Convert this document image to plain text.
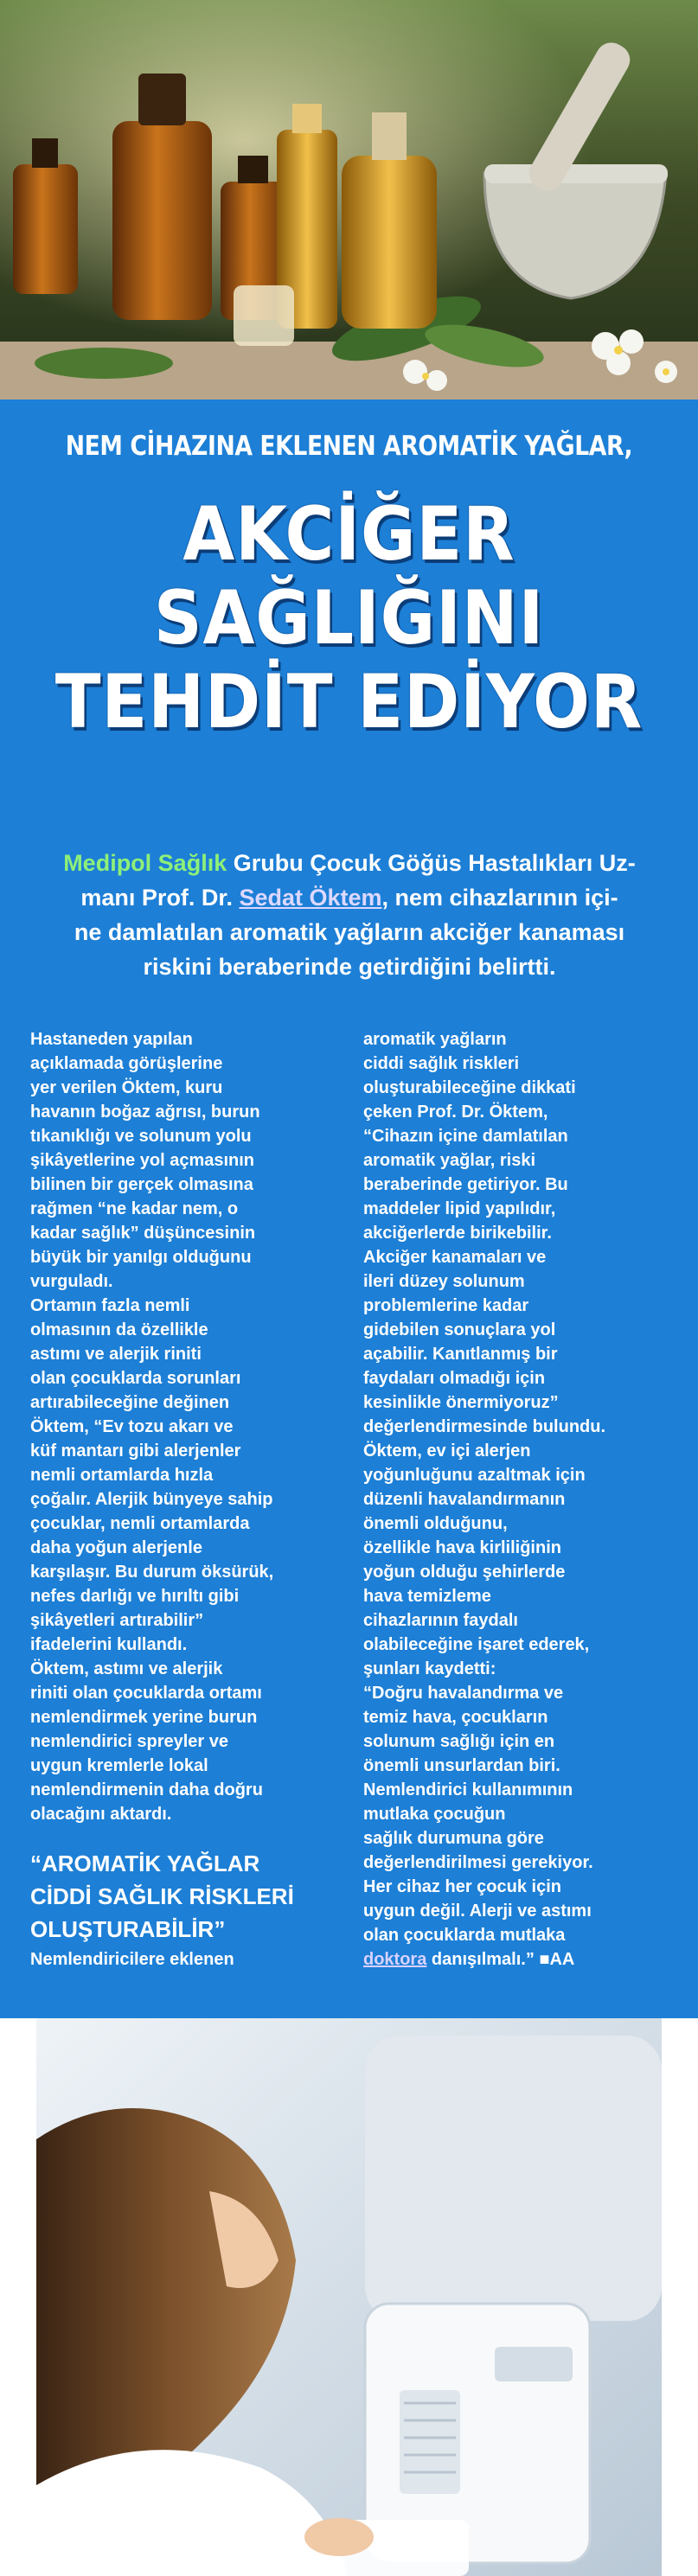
NEM CİHAZINA EKLENEN AROMATİK YAĞLAR,
AKCİĞER
SAĞLIĞINI
TEHDİT EDİYOR
Medipol Sağlık Grubu Çocuk Göğüs Hastalıkları Uz-
manı Prof. Dr. Sedat Öktem, nem cihazlarının içi-
ne damlatılan aromatik yağların akciğer kanaması
riskini beraberinde getirdiğini belirtti.
Hastaneden yapılan
açıklamada görüşlerine
yer verilen Öktem, kuru
havanın boğaz ağrısı, burun
tıkanıklığı ve solunum yolu
şikâyetlerine yol açmasının
bilinen bir gerçek olmasına
rağmen “ne kadar nem, o
kadar sağlık” düşüncesinin
büyük bir yanılgı olduğunu
vurguladı.
Ortamın fazla nemli
olmasının da özellikle
astımı ve alerjik riniti
olan çocuklarda sorunları
artırabileceğine değinen
Öktem, “Ev tozu akarı ve
küf mantarı gibi alerjenler
nemli ortamlarda hızla
çoğalır. Alerjik bünyeye sahip
çocuklar, nemli ortamlarda
daha yoğun alerjenle
karşılaşır. Bu durum öksürük,
nefes darlığı ve hırıltı gibi
şikâyetleri artırabilir”
ifadelerini kullandı.
Öktem, astımı ve alerjik
riniti olan çocuklarda ortamı
nemlendirmek yerine burun
nemlendirici spreyler ve
uygun kremlerle lokal
nemlendirmenin daha doğru
olacağını aktardı.
“AROMATİK YAĞLAR
CİDDİ SAĞLIK RİSKLERİ
OLUŞTURABİLİR”
Nemlendiricilere eklenen
aromatik yağların
ciddi sağlık riskleri
oluşturabileceğine dikkati
çeken Prof. Dr. Öktem,
“Cihazın içine damlatılan
aromatik yağlar, riski
beraberinde getiriyor. Bu
maddeler lipid yapılıdır,
akciğerlerde birikebilir.
Akciğer kanamaları ve
ileri düzey solunum
problemlerine kadar
gidebilen sonuçlara yol
açabilir. Kanıtlanmış bir
faydaları olmadığı için
kesinlikle önermiyoruz”
değerlendirmesinde bulundu.
Öktem, ev içi alerjen
yoğunluğunu azaltmak için
düzenli havalandırmanın
önemli olduğunu,
özellikle hava kirliliğinin
yoğun olduğu şehirlerde
hava temizleme
cihazlarının faydalı
olabileceğine işaret ederek,
şunları kaydetti:
“Doğru havalandırma ve
temiz hava, çocukların
solunum sağlığı için en
önemli unsurlardan biri.
Nemlendirici kullanımının
mutlaka çocuğun
sağlık durumuna göre
değerlendirilmesi gerekiyor.
Her cihaz her çocuk için
uygun değil. Alerji ve astımı
olan çocuklarda mutlaka
doktora danışılmalı.” ■AA
